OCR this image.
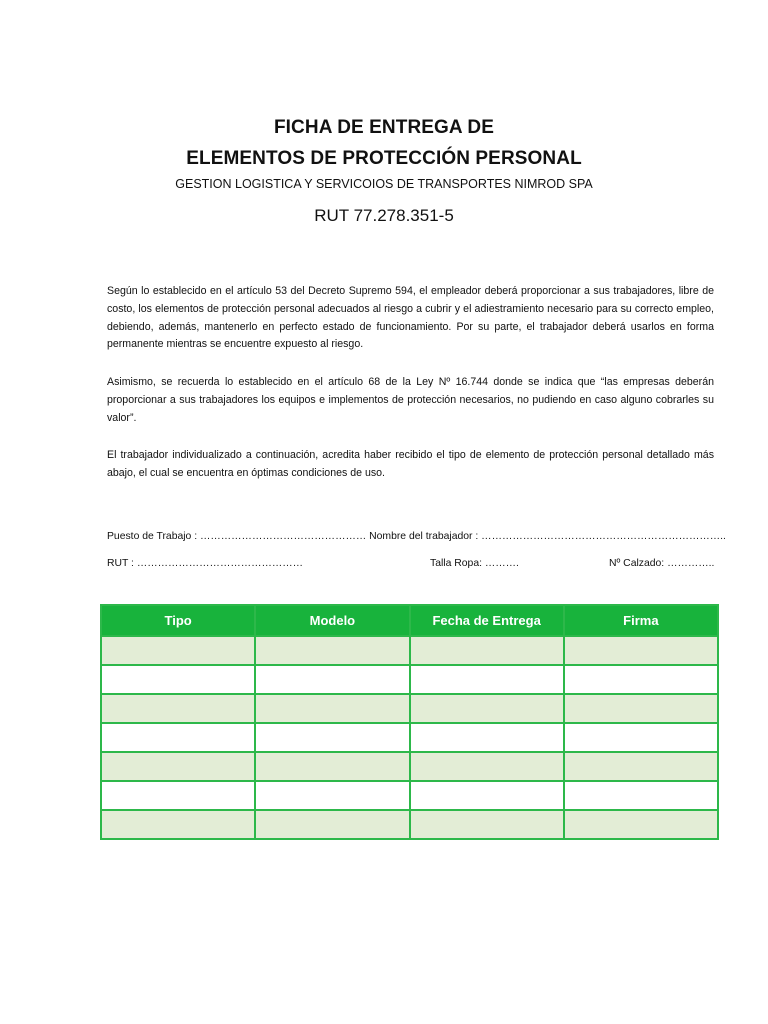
FICHA DE ENTREGA DE
ELEMENTOS DE PROTECCIÓN PERSONAL
GESTION LOGISTICA Y SERVICOIOS DE TRANSPORTES NIMROD SPA
RUT 77.278.351-5
Según lo establecido en el artículo 53 del Decreto Supremo 594, el empleador deberá proporcionar a sus trabajadores, libre de costo, los elementos de protección personal adecuados al riesgo a cubrir y el adiestramiento necesario para su correcto empleo, debiendo, además, mantenerlo en perfecto estado de funcionamiento. Por su parte, el trabajador deberá usarlos en forma permanente mientras se encuentre expuesto al riesgo.
Asimismo, se recuerda lo establecido en el artículo 68 de la Ley Nº 16.744 donde se indica que “las empresas deberán proporcionar a sus trabajadores los equipos e implementos de protección necesarios, no pudiendo en caso alguno cobrarles su valor”.
El trabajador individualizado a continuación, acredita haber recibido el tipo de elemento de protección personal detallado más abajo, el cual se encuentra en óptimas condiciones de uso.
Puesto de Trabajo : ………………………………………… Nombre del trabajador : ……………………………………………………………..
RUT : …………………………………………	Talla Ropa: ……….	Nº Calzado: …………..
Tipo	Modelo	Fecha de Entrega	Firma
